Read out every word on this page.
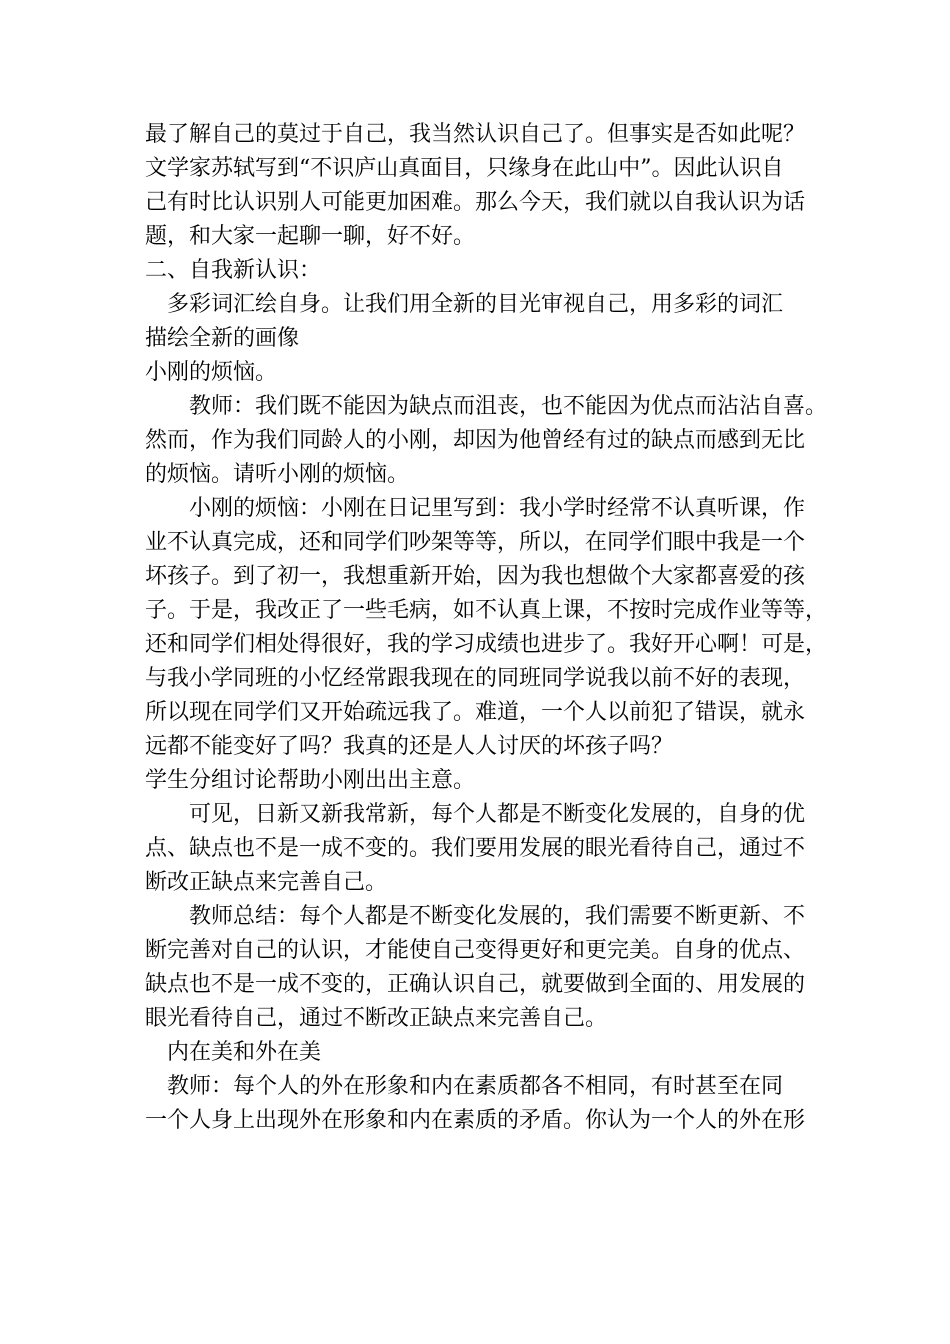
最了解自己的莫过于自己，我当然认识自己了。但事实是否如此呢？
文学家苏轼写到“不识庐山真面目，只缘身在此山中”。因此认识自
己有时比认识别人可能更加困难。那么今天，我们就以自我认识为话
题，和大家一起聊一聊，好不好。
二、自我新认识：
多彩词汇绘自身。让我们用全新的目光审视自己，用多彩的词汇
描绘全新的画像
小刚的烦恼。
教师：我们既不能因为缺点而沮丧，也不能因为优点而沾沾自喜。
然而，作为我们同龄人的小刚，却因为他曾经有过的缺点而感到无比
的烦恼。请听小刚的烦恼。
小刚的烦恼：小刚在日记里写到：我小学时经常不认真听课，作
业不认真完成，还和同学们吵架等等，所以，在同学们眼中我是一个
坏孩子。到了初一，我想重新开始，因为我也想做个大家都喜爱的孩
子。于是，我改正了一些毛病，如不认真上课，不按时完成作业等等，
还和同学们相处得很好，我的学习成绩也进步了。我好开心啊！可是，
与我小学同班的小忆经常跟我现在的同班同学说我以前不好的表现，
所以现在同学们又开始疏远我了。难道，一个人以前犯了错误，就永
远都不能变好了吗？我真的还是人人讨厌的坏孩子吗？
学生分组讨论帮助小刚出出主意。
可见，日新又新我常新，每个人都是不断变化发展的，自身的优
点、缺点也不是一成不变的。我们要用发展的眼光看待自己，通过不
断改正缺点来完善自己。
教师总结：每个人都是不断变化发展的，我们需要不断更新、不
断完善对自己的认识，才能使自己变得更好和更完美。自身的优点、
缺点也不是一成不变的，正确认识自己，就要做到全面的、用发展的
眼光看待自己，通过不断改正缺点来完善自己。
内在美和外在美
教师：每个人的外在形象和内在素质都各不相同，有时甚至在同
一个人身上出现外在形象和内在素质的矛盾。你认为一个人的外在形
